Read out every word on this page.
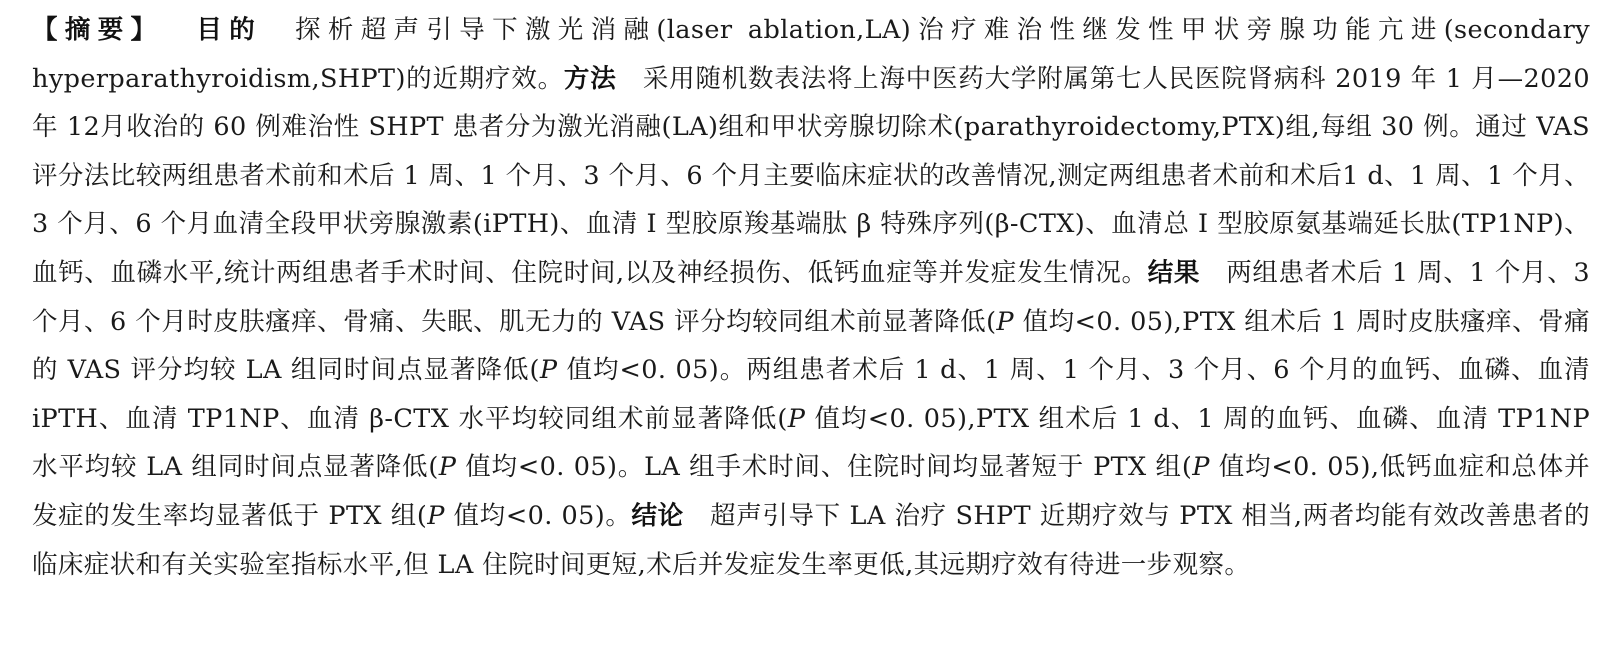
【摘要】 目的 探析超声引导下激光消融(laser ablation,LA)治疗难治性继发性甲状旁腺功能亢进(secondary hyperparathyroidism,SHPT)的近期疗效。方法 采用随机数表法将上海中医药大学附属第七人民医院肾病科 2019 年 1 月—2020 年 12月收治的 60 例难治性 SHPT 患者分为激光消融(LA)组和甲状旁腺切除术(parathyroidectomy,PTX)组,每组 30 例。通过 VAS 评分法比较两组患者术前和术后 1 周、1 个月、3 个月、6 个月主要临床症状的改善情况,测定两组患者术前和术后1 d、1 周、1 个月、3 个月、6 个月血清全段甲状旁腺激素(iPTH)、血清 Ⅰ 型胶原羧基端肽 β 特殊序列(β-CTX)、血清总 Ⅰ 型胶原氨基端延长肽(TP1NP)、血钙、血磷水平,统计两组患者手术时间、住院时间,以及神经损伤、低钙血症等并发症发生情况。结果 两组患者术后 1 周、1 个月、3 个月、6 个月时皮肤瘙痒、骨痛、失眠、肌无力的 VAS 评分均较同组术前显著降低(P 值均<0. 05),PTX 组术后 1 周时皮肤瘙痒、骨痛的 VAS 评分均较 LA 组同时间点显著降低(P 值均<0. 05)。两组患者术后 1 d、1 周、1 个月、3 个月、6 个月的血钙、血磷、血清 iPTH、血清 TP1NP、血清 β-CTX 水平均较同组术前显著降低(P 值均<0. 05),PTX 组术后 1 d、1 周的血钙、血磷、血清 TP1NP 水平均较 LA 组同时间点显著降低(P 值均<0. 05)。LA 组手术时间、住院时间均显著短于 PTX 组(P 值均<0. 05),低钙血症和总体并发症的发生率均显著低于 PTX 组(P 值均<0. 05)。结论 超声引导下 LA 治疗 SHPT 近期疗效与 PTX 相当,两者均能有效改善患者的临床症状和有关实验室指标水平,但 LA 住院时间更短,术后并发症发生率更低,其远期疗效有待进一步观察。
